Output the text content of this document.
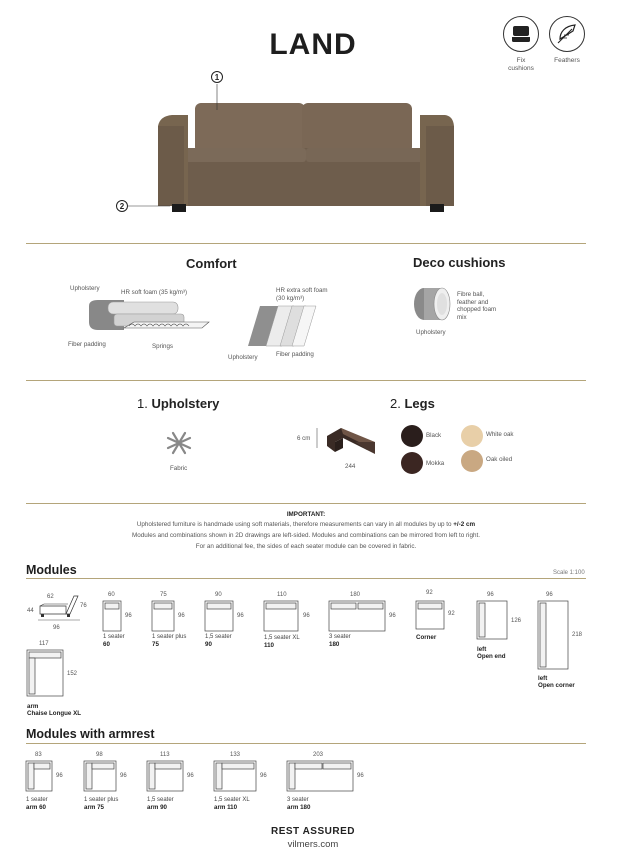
LAND	Fix
cushions
Feathers
1
2
Comfort	Deco cushions
Upholstery
HR soft foam (35 kg/m³)
Fiber padding	Springs
HR extra soft foam
(30 kg/m³)
Upholstery	Fiber padding
Fibre ball,
feather and
chopped foam
mix
Upholstery
1. Upholstery
Fabric
2. Legs
6 cm
244
Black	White oak
Mokka
Oak oiled
IMPORTANT:
Upholstered furniture is handmade using soft materials, therefore measurements can vary in all modules by up to +/-2 cm
Modules and combinations shown in 2D drawings are left-sided. Modules and combinations can be mirrored from left to right.
For an additional fee, the sides of each seater module can be covered in fabric.
Modules	Scale 1:100
62
76
44
96
60
96
75
96
90
96
110
96
180
96
92
92
96
126
96
218
117
152
1 seater
60
1 seater plus
75
1,5 seater
90
1,5 seater XL
110
3 seater
180
Corner
left
Open end
left
Open corner
arm
Chaise Longue XL
Modules with armrest
83
96
98
96
113
96
133
96
203
96
1 seater
arm 60
1 seater plus
arm 75
1,5 seater
arm 90
1,5 seater XL
arm 110
3 seater
arm 180
REST ASSURED
vilmers.com
